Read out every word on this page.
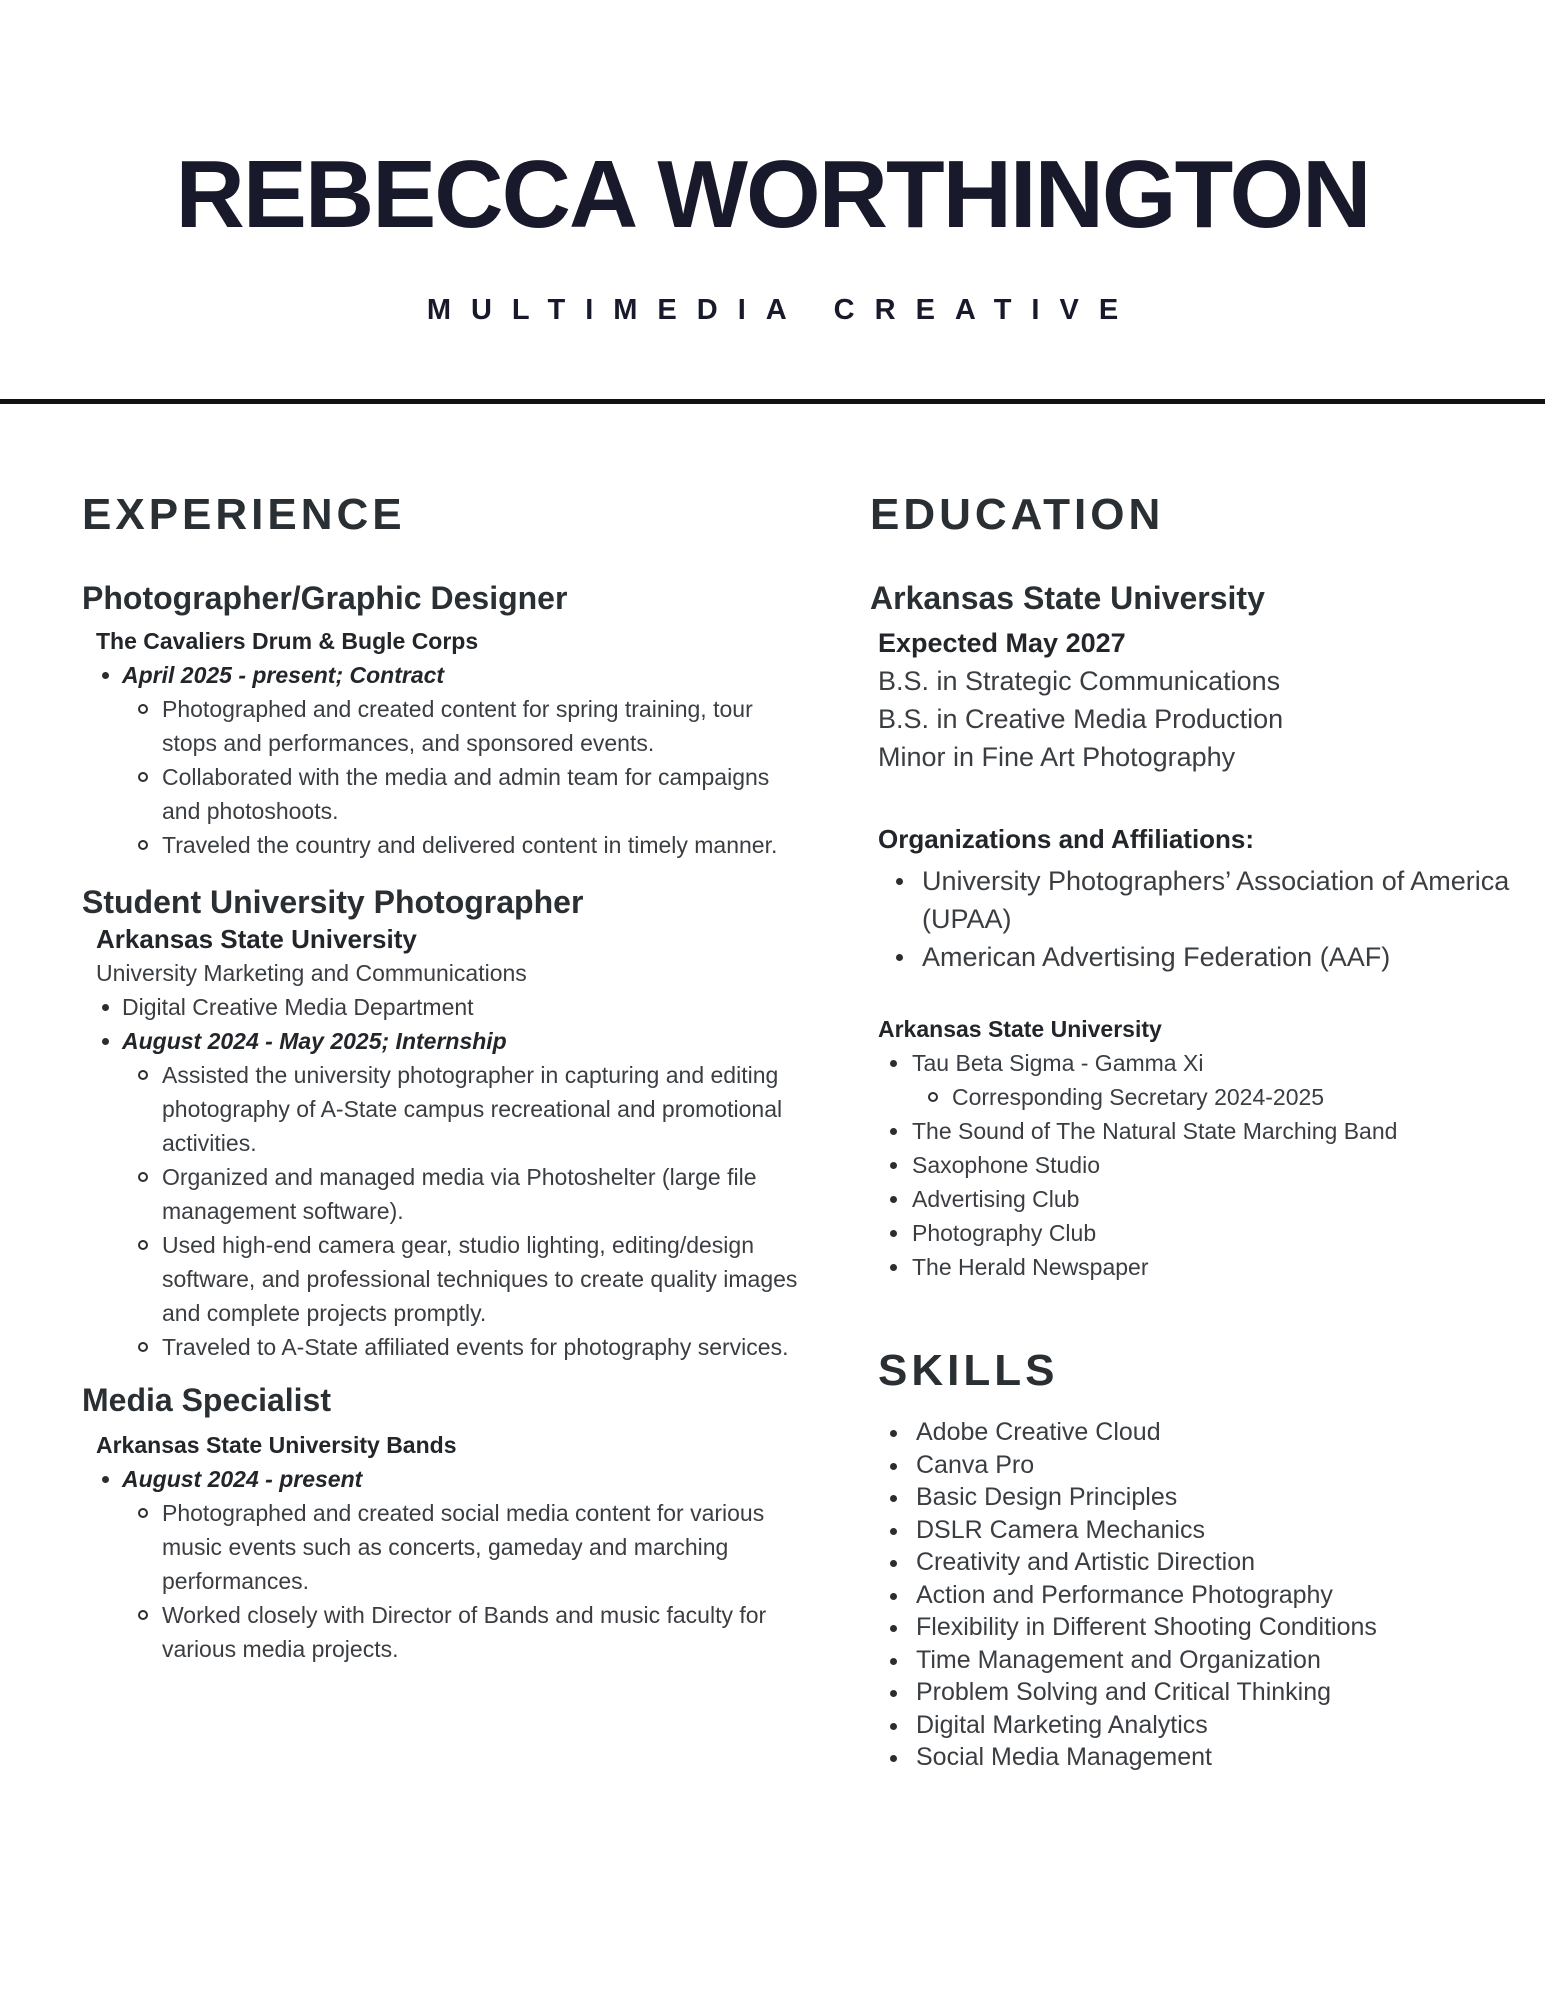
REBECCA WORTHINGTON
MULTIMEDIA CREATIVE
EXPERIENCE
Photographer/Graphic Designer

The Cavaliers Drum & Bugle Corps

April 2025 - present; Contract
Photographed and created content for spring training, tour stops and performances, and sponsored events.
Collaborated with the media and admin team for campaigns and photoshoots.
Traveled the country and delivered content in timely manner.
Student University Photographer

Arkansas State University

University Marketing and Communications

Digital Creative Media Department
August 2024 - May 2025; Internship
Assisted the university photographer in capturing and editing photography of A-State campus recreational and promotional activities.
Organized and managed media via Photoshelter (large file management software).
Used high-end camera gear, studio lighting, editing/design software, and professional techniques to create quality images and complete projects promptly.
Traveled to A-State affiliated events for photography services.
Media Specialist

Arkansas State University Bands

August 2024 - present
Photographed and created social media content for various music events such as concerts, gameday and marching performances.
Worked closely with Director of Bands and music faculty for various media projects.
EDUCATION
Arkansas State University

Expected May 2027

B.S. in Strategic Communications

B.S. in Creative Media Production

Minor in Fine Art Photography

Organizations and Affiliations:

University Photographers’ Association of America (UPAA)
American Advertising Federation (AAF)

Arkansas State University

Tau Beta Sigma - Gamma Xi
Corresponding Secretary 2024-2025
The Sound of The Natural State Marching Band
Saxophone Studio
Advertising Club
Photography Club
The Herald Newspaper
SKILLS
Adobe Creative Cloud
Canva Pro
Basic Design Principles
DSLR Camera Mechanics
Creativity and Artistic Direction
Action and Performance Photography
Flexibility in Different Shooting Conditions
Time Management and Organization
Problem Solving and Critical Thinking
Digital Marketing Analytics
Social Media Management
